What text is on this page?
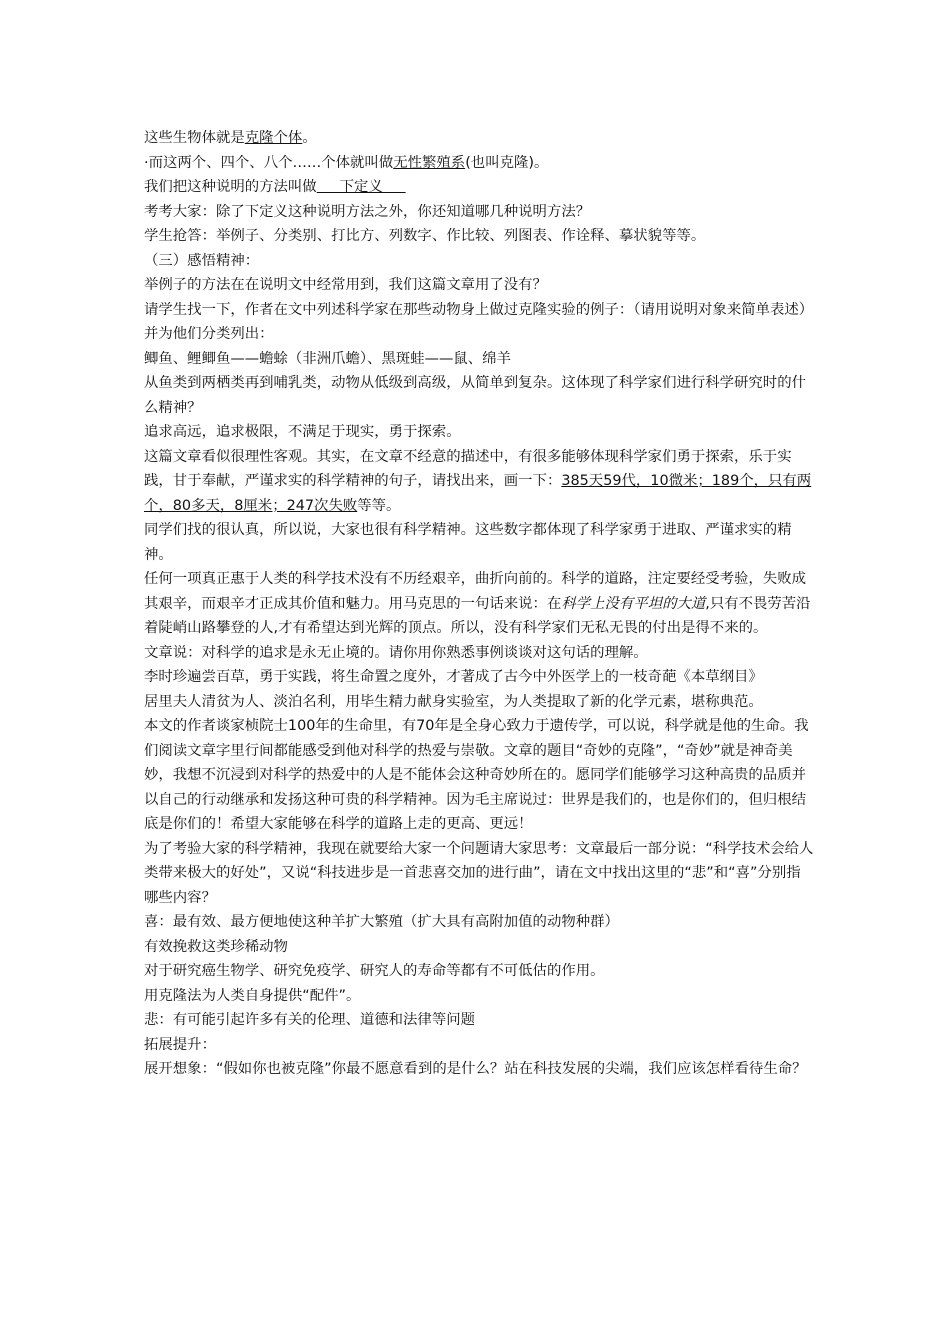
这些生物体就是克隆个体。
·而这两个、四个、八个……个体就叫做无性繁殖系(也叫克隆)。
我们把这种说明的方法叫做     下定义
考考大家：除了下定义这种说明方法之外，你还知道哪几种说明方法？
学生抢答：举例子、分类别、打比方、列数字、作比较、列图表、作诠释、摹状貌等等。
（三）感悟精神：
举例子的方法在在说明文中经常用到，我们这篇文章用了没有？
请学生找一下，作者在文中列述科学家在那些动物身上做过克隆实验的例子：（请用说明对象来简单表述）并为他们分类列出：
鲫鱼、鲤鲫鱼——蟾蜍（非洲爪蟾）、黑斑蛙——鼠、绵羊
从鱼类到两栖类再到哺乳类，动物从低级到高级，从简单到复杂。这体现了科学家们进行科学研究时的什么精神？
追求高远，追求极限，不满足于现实，勇于探索。
这篇文章看似很理性客观。其实，在文章不经意的描述中，有很多能够体现科学家们勇于探索，乐于实践，甘于奉献，严谨求实的科学精神的句子，请找出来，画一下：385天59代，10微米；189个，只有两个，80多天，8厘米；247次失败等等。
同学们找的很认真，所以说，大家也很有科学精神。这些数字都体现了科学家勇于进取、严谨求实的精神。
任何一项真正惠于人类的科学技术没有不历经艰辛，曲折向前的。科学的道路，注定要经受考验，失败成其艰辛，而艰辛才正成其价值和魅力。用马克思的一句话来说：在科学上没有平坦的大道,只有不畏劳苦沿着陡峭山路攀登的人,才有希望达到光辉的顶点。所以，没有科学家们无私无畏的付出是得不来的。
文章说：对科学的追求是永无止境的。请你用你熟悉事例谈谈对这句话的理解。
李时珍遍尝百草，勇于实践，将生命置之度外，才著成了古今中外医学上的一枝奇葩《本草纲目》
居里夫人清贫为人、淡泊名利，用毕生精力献身实验室，为人类提取了新的化学元素，堪称典范。
本文的作者谈家桢院士100年的生命里，有70年是全身心致力于遗传学，可以说，科学就是他的生命。我们阅读文章字里行间都能感受到他对科学的热爱与崇敬。文章的题目“奇妙的克隆”，“奇妙”就是神奇美妙，我想不沉浸到对科学的热爱中的人是不能体会这种奇妙所在的。愿同学们能够学习这种高贵的品质并以自己的行动继承和发扬这种可贵的科学精神。因为毛主席说过：世界是我们的，也是你们的，但归根结底是你们的！希望大家能够在科学的道路上走的更高、更远！
为了考验大家的科学精神，我现在就要给大家一个问题请大家思考：文章最后一部分说：“科学技术会给人类带来极大的好处”，又说“科技进步是一首悲喜交加的进行曲”，请在文中找出这里的“悲”和“喜”分别指哪些内容？
喜：最有效、最方便地使这种羊扩大繁殖（扩大具有高附加值的动物种群）
有效挽救这类珍稀动物
对于研究癌生物学、研究免疫学、研究人的寿命等都有不可低估的作用。
用克隆法为人类自身提供“配件”。
悲：有可能引起许多有关的伦理、道德和法律等问题
拓展提升：
展开想象：“假如你也被克隆”你最不愿意看到的是什么？站在科技发展的尖端，我们应该怎样看待生命？
